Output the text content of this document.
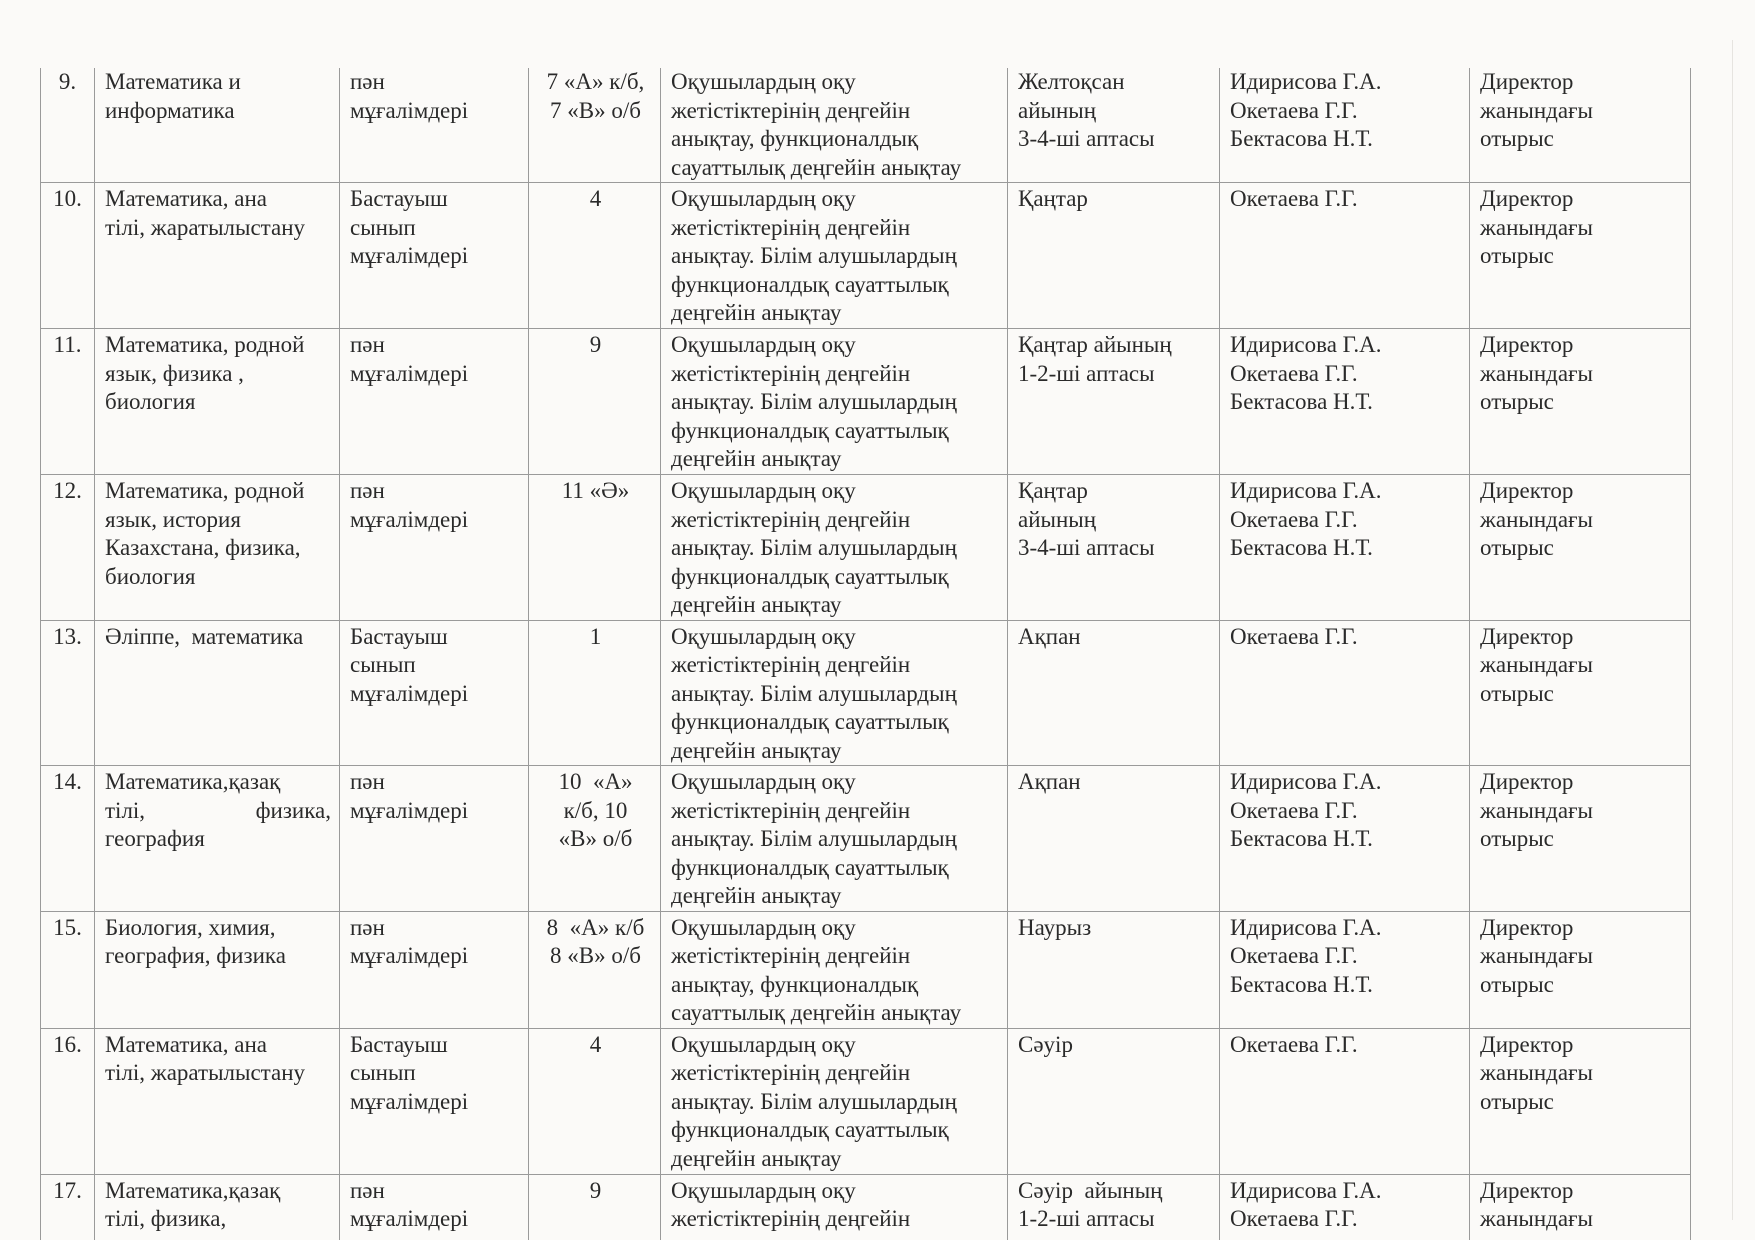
9.	Математика и
информатика	пән
мұғалімдері	7 «А» к/б,
7 «В» о/б	Оқушылардың оқу
жетістіктерінің деңгейін
анықтау, функционалдық
сауаттылық деңгейін анықтау	Желтоқсан
айының
3-4-ші аптасы	Идирисова Г.А.
Окетаева Г.Г.
Бектасова Н.Т.	Директор
жанындағы
отырыс

10.	Математика, ана
тілі, жаратылыстану	Бастауыш
сынып
мұғалімдері	4	Оқушылардың оқу
жетістіктерінің деңгейін
анықтау. Білім алушылардың
функционалдық сауаттылық
деңгейін анықтау	Қаңтар	Окетаева Г.Г.	Директор
жанындағы
отырыс

11.	Математика, родной
язык, физика ,
биология	пән
мұғалімдері	9	Оқушылардың оқу
жетістіктерінің деңгейін
анықтау. Білім алушылардың
функционалдық сауаттылық
деңгейін анықтау	Қаңтар айының
1-2-ші аптасы	Идирисова Г.А.
Окетаева Г.Г.
Бектасова Н.Т.	Директор
жанындағы
отырыс

12.	Математика, родной
язык, история
Казахстана, физика,
биология	пән
мұғалімдері	11 «Ә»	Оқушылардың оқу
жетістіктерінің деңгейін
анықтау. Білім алушылардың
функционалдық сауаттылық
деңгейін анықтау	Қаңтар
айының
3-4-ші аптасы	Идирисова Г.А.
Окетаева Г.Г.
Бектасова Н.Т.	Директор
жанындағы
отырыс

13.	Әліппе,  математика	Бастауыш
сынып
мұғалімдері	1	Оқушылардың оқу
жетістіктерінің деңгейін
анықтау. Білім алушылардың
функционалдық сауаттылық
деңгейін анықтау	Ақпан	Окетаева Г.Г.	Директор
жанындағы
отырыс

14.	Математика,қазақ
тілі, физика,
география	пән
мұғалімдері	10  «А»
к/б, 10
«В» о/б	Оқушылардың оқу
жетістіктерінің деңгейін
анықтау. Білім алушылардың
функционалдық сауаттылық
деңгейін анықтау	Ақпан	Идирисова Г.А.
Окетаева Г.Г.
Бектасова Н.Т.	Директор
жанындағы
отырыс

15.	Биология, химия,
география, физика	пән
мұғалімдері	8  «А» к/б
8 «В» о/б	Оқушылардың оқу
жетістіктерінің деңгейін
анықтау, функционалдық
сауаттылық деңгейін анықтау	Наурыз	Идирисова Г.А.
Окетаева Г.Г.
Бектасова Н.Т.	Директор
жанындағы
отырыс

16.	Математика, ана
тілі, жаратылыстану	Бастауыш
сынып
мұғалімдері	4	Оқушылардың оқу
жетістіктерінің деңгейін
анықтау. Білім алушылардың
функционалдық сауаттылық
деңгейін анықтау	Сәуір	Окетаева Г.Г.	Директор
жанындағы
отырыс

17.	Математика,қазақ
тілі, физика,	пән
мұғалімдері	9	Оқушылардың оқу
жетістіктерінің деңгейін	Сәуір  айының
1-2-ші аптасы	Идирисова Г.А.
Окетаева Г.Г.	Директор
жанындағы
